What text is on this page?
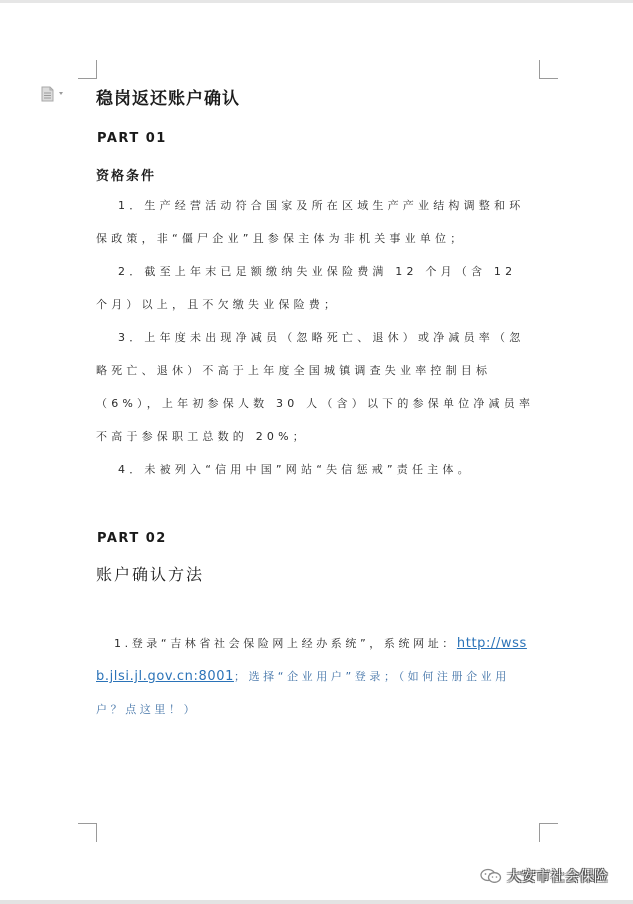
稳岗返还账户确认
PART 01
资格条件
1．生产经营活动符合国家及所在区域生产产业结构调整和环保政策，非“僵尸企业”且参保主体为非机关事业单位；
2．截至上年末已足额缴纳失业保险费满 12 个月（含 12 个月）以上，且不欠缴失业保险费；
3．上年度未出现净减员（忽略死亡、退休）或净减员率（忽略死亡、退休）不高于上年度全国城镇调查失业率控制目标（6%），上年初参保人数 30 人（含）以下的参保单位净减员率不高于参保职工总数的 20%；
4．未被列入“信用中国”网站“失信惩戒”责任主体。
PART 02
账户确认方法
1.登录“吉林省社会保险网上经办系统”，系统网址：http://wssb.jlsi.jl.gov.cn:8001；选择“企业用户”登录；（如何注册企业用户？点这里！）
大安市社会保险
